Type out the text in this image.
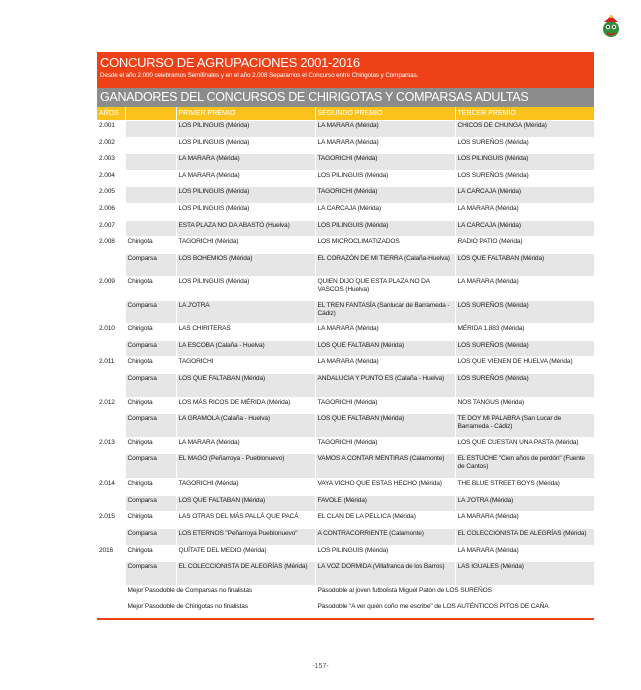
CONCURSO DE AGRUPACIONES 2001-2016
Desde el año 2.000 celebramos Semifinales y en el año 2.008 Separamos el Concurso entre Chirigotas y Comparsas.
GANADORES DEL CONCURSOS DE CHIRIGOTAS Y COMPARSAS ADULTAS
AÑOS		PRIMER PREMIO	SEGUNDO PREMIO	TERCER PREMIO
2.001		LOS PILINGUIS (Mérida)	LA MARARA (Mérida)	CHICOS DE CHUNGA (Mérida)
2.002		LOS PILINGUIS (Mérida)	LA MARARA (Mérida)	LOS SUREÑOS (Mérida)
2.003		LA MARARA (Mérida)	TAGORICHI (Mérida)	LOS PILINGUIS (Mérida)
2.004		LA MARARA (Mérida)	LOS PILINGUIS (Mérida)	LOS SUREÑOS (Mérida)
2.005		LOS PILINGUIS (Mérida)	TAGORICHI (Mérida)	LA CARCAJA (Mérida)
2.006		LOS PILINGUIS (Mérida)	LA CARCAJA (Mérida)	LA MARARA (Mérida)
2.007		ESTA PLAZA NO DA ABASTO (Huelva)	LOS PILINGUIS (Mérida)	LA CARCAJA (Mérida)
2.008	Chirigota	TAGORICHI (Mérida)	LOS MICROCLIMATIZADOS	RADIO PATIO (Mérida)
	Comparsa	LOS BOHEMIOS (Mérida)	EL CORAZÓN DE MI TIERRA (Calaña-Huelva)	LOS QUE FALTABAN (Mérida)
2.009	Chirigota	LOS PILINGUIS (Mérida)	QUIEN DIJO QUE ESTA PLAZA NO DA VASCOS (Huelva)	LA MARARA (Mérida)
	Comparsa	LA J'OTRA	EL TREN FANTASÍA (Sanlucar de Barrameda - Cádiz)	LOS SUREÑOS (Mérida)
2.010	Chirigota	LAS CHIRITERAS	LA MARARA (Mérida)	MÉRIDA 1.883 (Mérida)
	Comparsa	LA ESCOBA (Calaña - Huelva)	LOS QUE FALTABAN (Mérida)	LOS SUREÑOS (Mérida)
2.011	Chirigota	TAGORICHI	LA MARARA (Mérida)	LOS QUE VIENEN DE HUELVA (Mérida)
	Comparsa	LOS QUE FALTABAN (Mérida)	ANDALUCIA Y PUNTO ES (Calaña - Huelva)	LOS SUREÑOS (Mérida)
2.012	Chirigota	LOS MÁS RICOS DE MÉRIDA (Mérida)	TAGORICHI (Mérida)	NOS TANGUS (Mérida)
	Comparsa	LA GRAMOLA (Calaña - Huelva)	LOS QUE FALTABAN (Mérida)	TE DOY MI PALABRA (San Lucar de Barrameda - Cádiz)
2.013	Chirigota	LA MARARA (Mérida)	TAGORICHI (Mérida)	LOS QUE CUESTAN UNA PASTA (Mérida)
	Comparsa	EL MAGO (Peñarroya - Pueblonuevo)	VAMOS A CONTAR MENTIRAS (Calamonte)	EL ESTUCHE "Cien años de perdón" (Fuente de Cantos)
2.014	Chirigota	TAGORICHI (Mérida)	VAYA VICHO QUE ESTAS HECHO (Mérida)	THE BLUE STREET BOYS (Mérida)
	Comparsa	LOS QUE FALTABAN (Mérida)	FAVOLE (Mérida)	LA J'OTRA (Mérida)
2.015	Chirigota	LAS OTRAS DEL MÁS PALLÁ QUE PACÁ	EL CLAN DE LA PELLICA (Mérida)	LA MARARA (Mérida)
	Comparsa	LOS ETERNOS "Peñarroya Pueblonuevo"	A CONTRACORRIENTE (Calamonte)	EL COLECCIONISTA DE ALEGRÍAS (Mérida)
2016	Chirigota	QUÍTATE DEL MEDIO (Mérida)	LOS PILINGUIS (Mérida)	LA MARARA (Mérida)
	Comparsa	EL COLECCIONISTA DE ALEGRÍAS (Mérida)	LA VOZ DORMIDA (Villafranca de los Barros)	LAS IGUALES (Mérida)
	Mejor Pasodoble de Comparsas no finalistas		Pasodoble al joven futbolista Miguel Patón de LOS SUREÑOS	
	Mejor Pasodoble de Chirigotas no finalistas		Pasodoble "A ver quién coño me escribe" de LOS AUTÉNTICOS PITOS DE CAÑA	
-157-
